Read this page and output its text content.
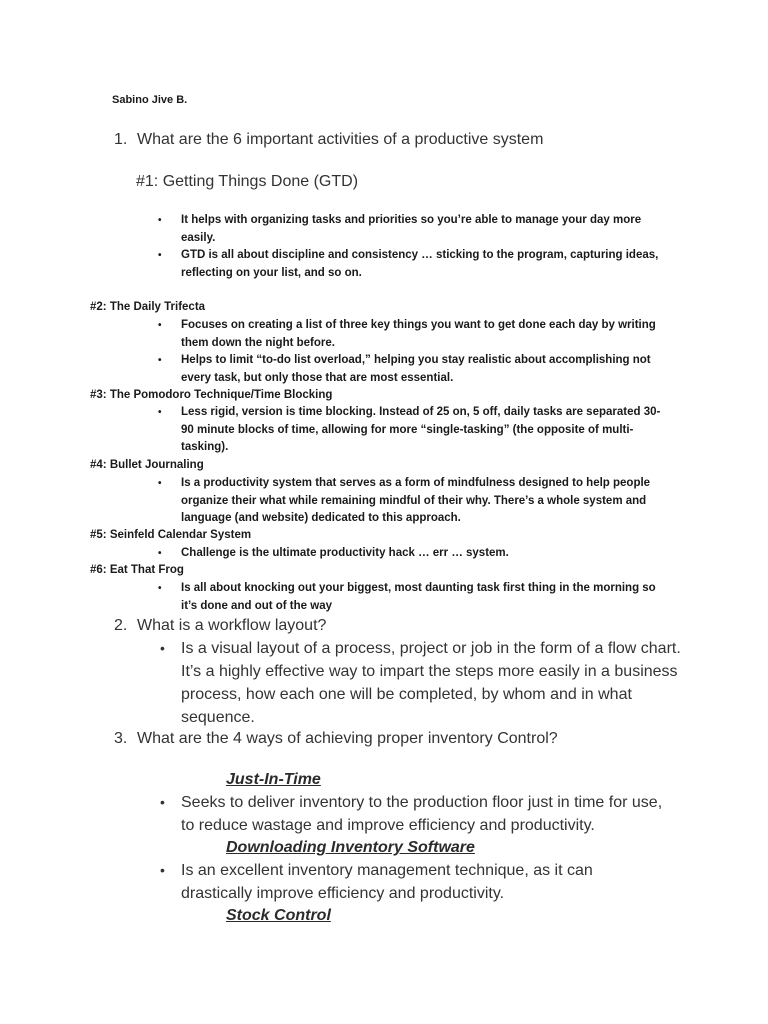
Sabino Jive B.
1. What are the 6 important activities of a productive system
#1: Getting Things Done (GTD)
• It helps with organizing tasks and priorities so you’re able to manage your day more easily.
• GTD is all about discipline and consistency … sticking to the program, capturing ideas, reflecting on your list, and so on.
#2: The Daily Trifecta
• Focuses on creating a list of three key things you want to get done each day by writing them down the night before.
• Helps to limit “to-do list overload,” helping you stay realistic about accomplishing not every task, but only those that are most essential.
#3: The Pomodoro Technique/Time Blocking
• Less rigid, version is time blocking. Instead of 25 on, 5 off, daily tasks are separated 30-90 minute blocks of time, allowing for more “single-tasking” (the opposite of multi-tasking).
#4: Bullet Journaling
• Is a productivity system that serves as a form of mindfulness designed to help people organize their what while remaining mindful of their why. There’s a whole system and language (and website) dedicated to this approach.
#5: Seinfeld Calendar System
• Challenge is the ultimate productivity hack … err … system.
#6: Eat That Frog
• Is all about knocking out your biggest, most daunting task first thing in the morning so it’s done and out of the way
2. What is a workflow layout?
• Is a visual layout of a process, project or job in the form of a flow chart. It’s a highly effective way to impart the steps more easily in a business process, how each one will be completed, by whom and in what sequence.
3. What are the 4 ways of achieving proper inventory Control?
Just-In-Time
• Seeks to deliver inventory to the production floor just in time for use, to reduce wastage and improve efficiency and productivity.
Downloading Inventory Software
• Is an excellent inventory management technique, as it can drastically improve efficiency and productivity.
Stock Control
